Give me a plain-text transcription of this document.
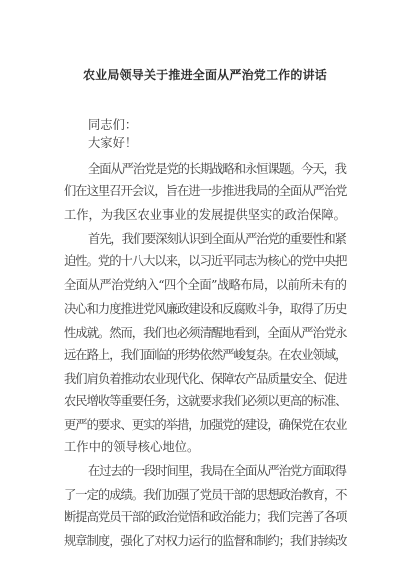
农业局领导关于推进全面从严治党工作的讲话
同志们：
大家好！
全面从严治党是党的长期战略和永恒课题。今天，我
们在这里召开会议，旨在进一步推进我局的全面从严治党
工作，为我区农业事业的发展提供坚实的政治保障。
首先，我们要深刻认识到全面从严治党的重要性和紧
迫性。党的十八大以来，以习近平同志为核心的党中央把
全面从严治党纳入“四个全面”战略布局，以前所未有的
决心和力度推进党风廉政建设和反腐败斗争，取得了历史
性成就。然而，我们也必须清醒地看到，全面从严治党永
远在路上，我们面临的形势依然严峻复杂。在农业领域，
我们肩负着推动农业现代化、保障农产品质量安全、促进
农民增收等重要任务，这就要求我们必须以更高的标准、
更严的要求、更实的举措，加强党的建设，确保党在农业
工作中的领导核心地位。
在过去的一段时间里，我局在全面从严治党方面取得
了一定的成绩。我们加强了党员干部的思想政治教育，不
断提高党员干部的政治觉悟和政治能力；我们完善了各项
规章制度，强化了对权力运行的监督和制约；我们持续改
